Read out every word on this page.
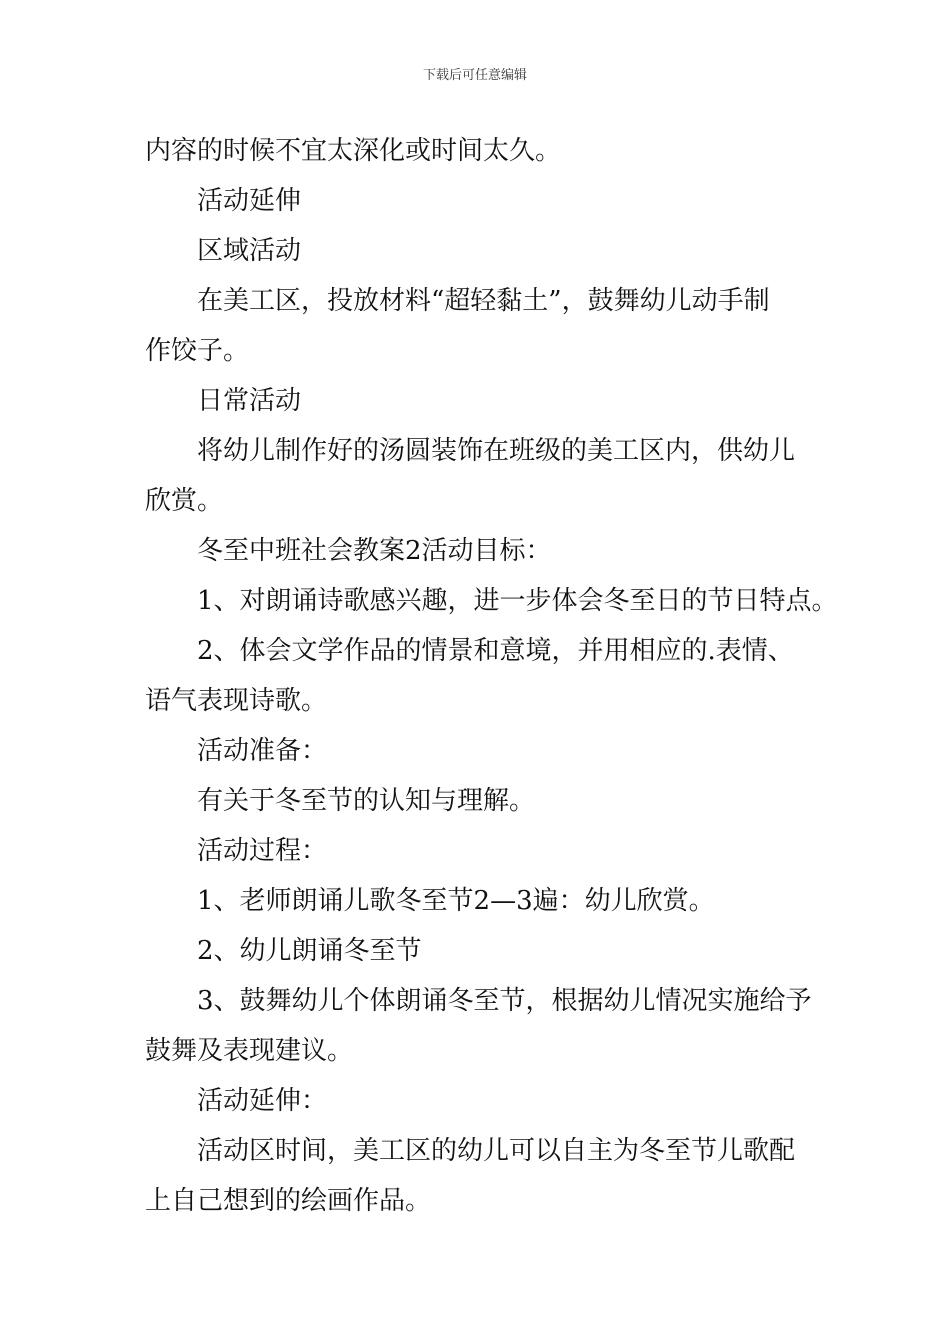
下载后可任意编辑

内容的时候不宜太深化或时间太久。

活动延伸

区域活动

在美工区，投放材料“超轻黏土”，鼓舞幼儿动手制

作饺子。

日常活动

将幼儿制作好的汤圆装饰在班级的美工区内，供幼儿

欣赏。

冬至中班社会教案2活动目标：

1、对朗诵诗歌感兴趣，进一步体会冬至日的节日特点。

2、体会文学作品的情景和意境，并用相应的.表情、

语气表现诗歌。

活动准备：

有关于冬至节的认知与理解。

活动过程：

1、老师朗诵儿歌冬至节2—3遍：幼儿欣赏。

2、幼儿朗诵冬至节

3、鼓舞幼儿个体朗诵冬至节，根据幼儿情况实施给予

鼓舞及表现建议。

活动延伸：

活动区时间，美工区的幼儿可以自主为冬至节儿歌配

上自己想到的绘画作品。
